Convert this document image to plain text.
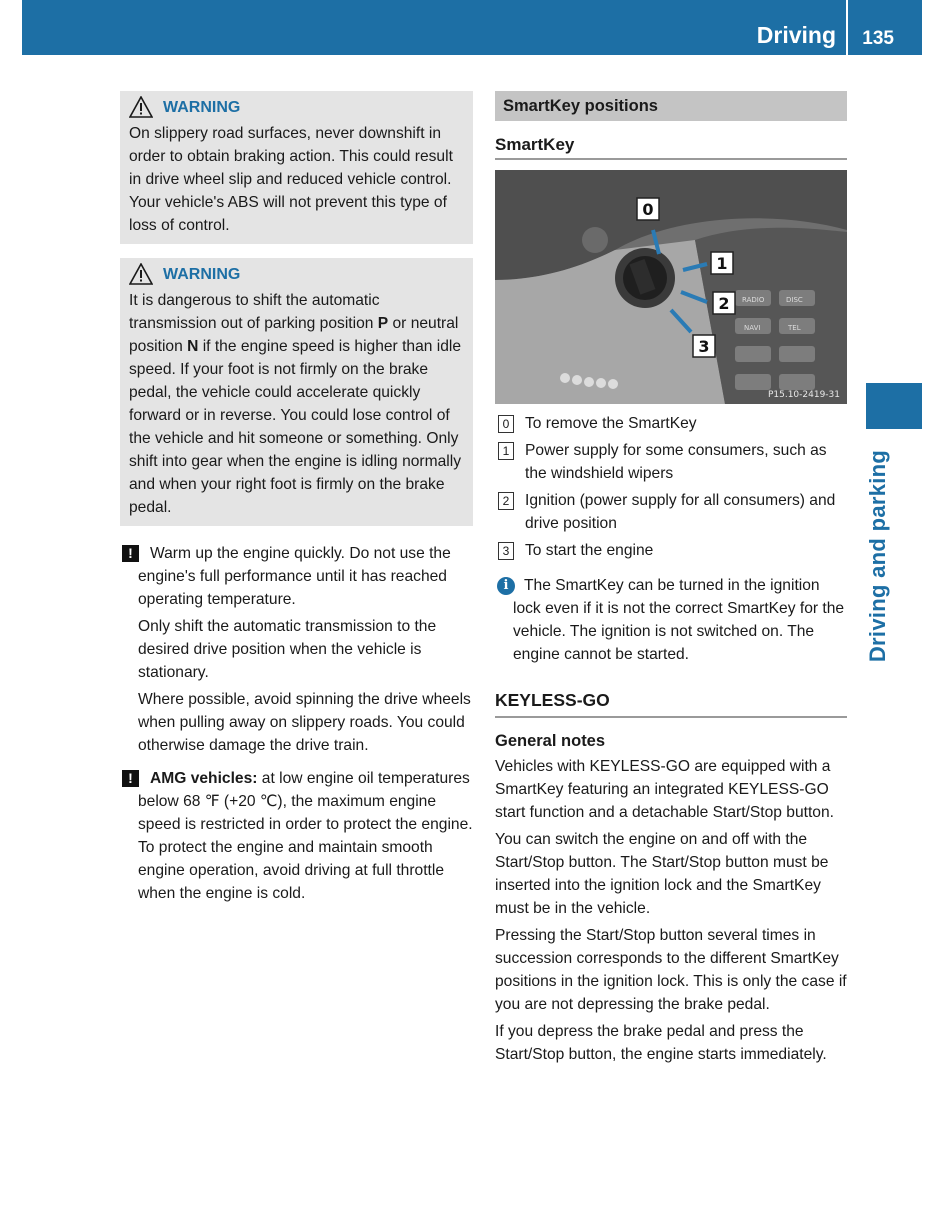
Driving 135
Driving and parking
WARNING

On slippery road surfaces, never downshift in order to obtain braking action. This could result in drive wheel slip and reduced vehicle control. Your vehicle's ABS will not prevent this type of loss of control.

WARNING

It is dangerous to shift the automatic transmission out of parking position P or neutral position N if the engine speed is higher than idle speed. If your foot is not firmly on the brake pedal, the vehicle could accelerate quickly forward or in reverse. You could lose control of the vehicle and hit someone or something. Only shift into gear when the engine is idling normally and when your right foot is firmly on the brake pedal.

!	Warm up the engine quickly. Do not use the engine's full performance until it has reached operating temperature.

Only shift the automatic transmission to the desired drive position when the vehicle is stationary.

Where possible, avoid spinning the drive wheels when pulling away on slippery roads. You could otherwise damage the drive train.

!	AMG vehicles: at low engine oil temperatures below 68 ℉ (+20 ℃), the maximum engine speed is restricted in order to protect the engine. To protect the engine and maintain smooth engine operation, avoid driving at full throttle when the engine is cold.

SmartKey positions
SmartKey
RADIO	DISC
NAVI	TEL
0
1
2
3
P15.10-2419-31
0 To remove the SmartKey
1 Power supply for some consumers, such as the windshield wipers
2 Ignition (power supply for all consumers) and drive position
3 To start the engine
i The SmartKey can be turned in the ignition lock even if it is not the correct SmartKey for the vehicle. The ignition is not switched on. The engine cannot be started.

KEYLESS-GO
General notes

Vehicles with KEYLESS-GO are equipped with a SmartKey featuring an integrated KEYLESS-GO start function and a detachable Start/Stop button.

You can switch the engine on and off with the Start/Stop button. The Start/Stop button must be inserted into the ignition lock and the SmartKey must be in the vehicle.

Pressing the Start/Stop button several times in succession corresponds to the different SmartKey positions in the ignition lock. This is only the case if you are not depressing the brake pedal.

If you depress the brake pedal and press the Start/Stop button, the engine starts immediately.
